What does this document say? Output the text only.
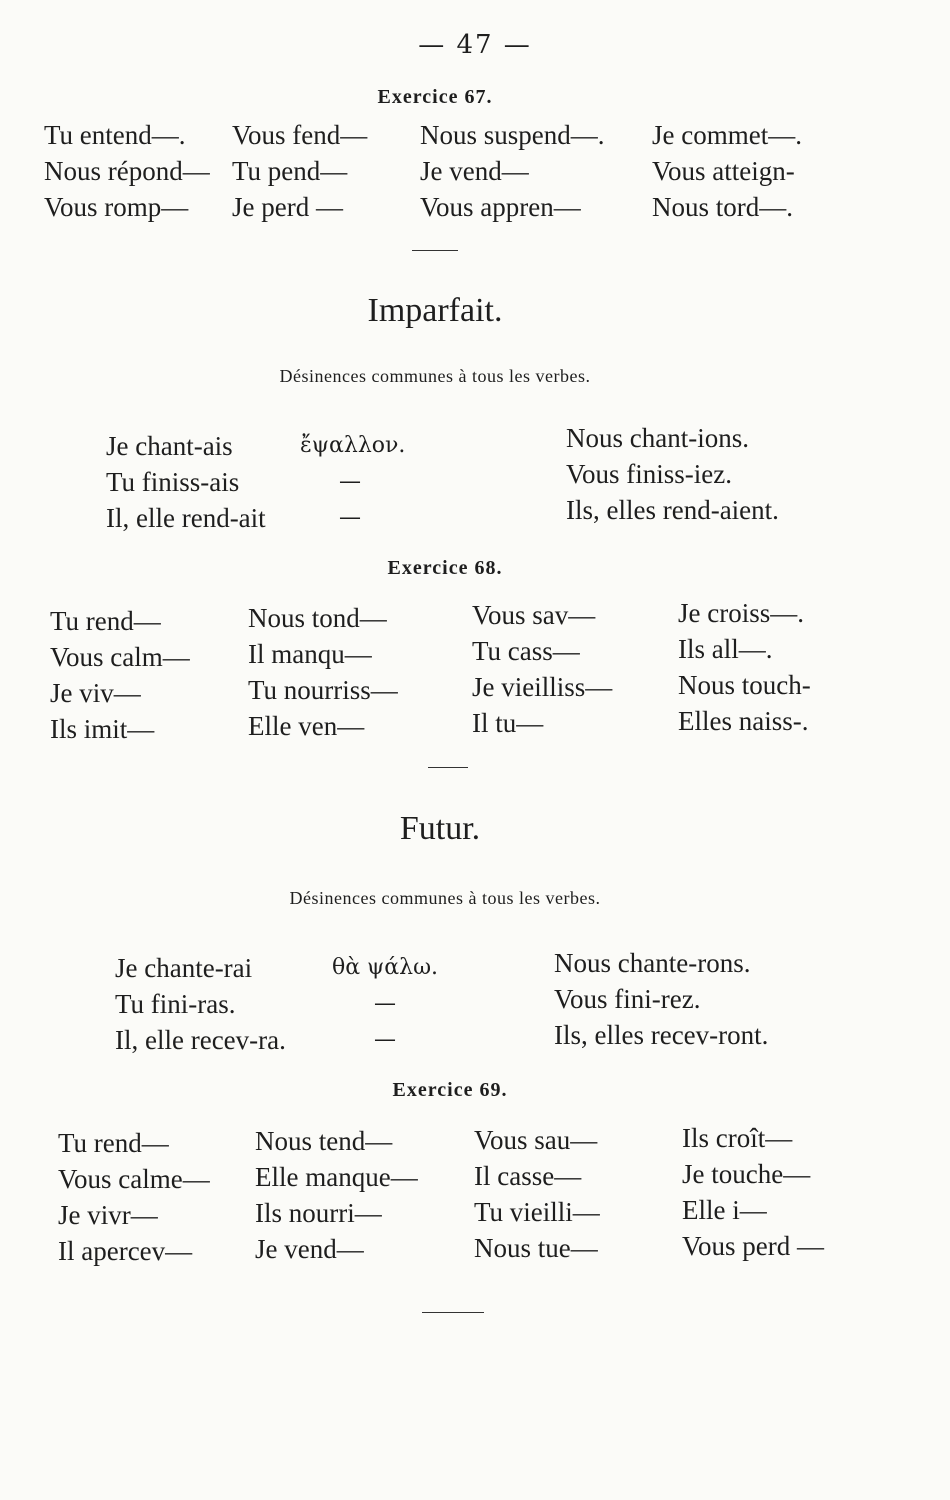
— 47 —
Exercice 67.
Tu entend—.
Nous répond—
Vous romp—
Vous fend—
Tu pend—
Je perd —
Nous suspend—.
Je vend—
Vous appren—
Je commet—.
Vous atteign-
Nous tord—.
Imparfait.
Désinences communes à tous les verbes.
Je chant-ais
Tu finiss-ais
Il, elle rend-ait
ἔψαλλον.
—
—
Nous chant-ions.
Vous finiss-iez.
Ils, elles rend-aient.
Exercice 68.
Tu rend—
Vous calm—
Je viv—
Ils imit—
Nous tond—
Il manqu—
Tu nourriss—
Elle ven—
Vous sav—
Tu cass—
Je vieilliss—
Il tu—
Je croiss—.
Ils all—.
Nous touch-
Elles naiss-.
Futur.
Désinences communes à tous les verbes.
Je chante-rai
Tu fini-ras.
Il, elle recev-ra.
θὰ ψάλω.
—
—
Nous chante-rons.
Vous fini-rez.
Ils, elles recev-ront.
Exercice 69.
Tu rend—
Vous calme—
Je vivr—
Il apercev—
Nous tend—
Elle manque—
Ils nourri—
Je vend—
Vous sau—
Il casse—
Tu vieilli—
Nous tue—
Ils croît—
Je touche—
Elle i—
Vous perd —
